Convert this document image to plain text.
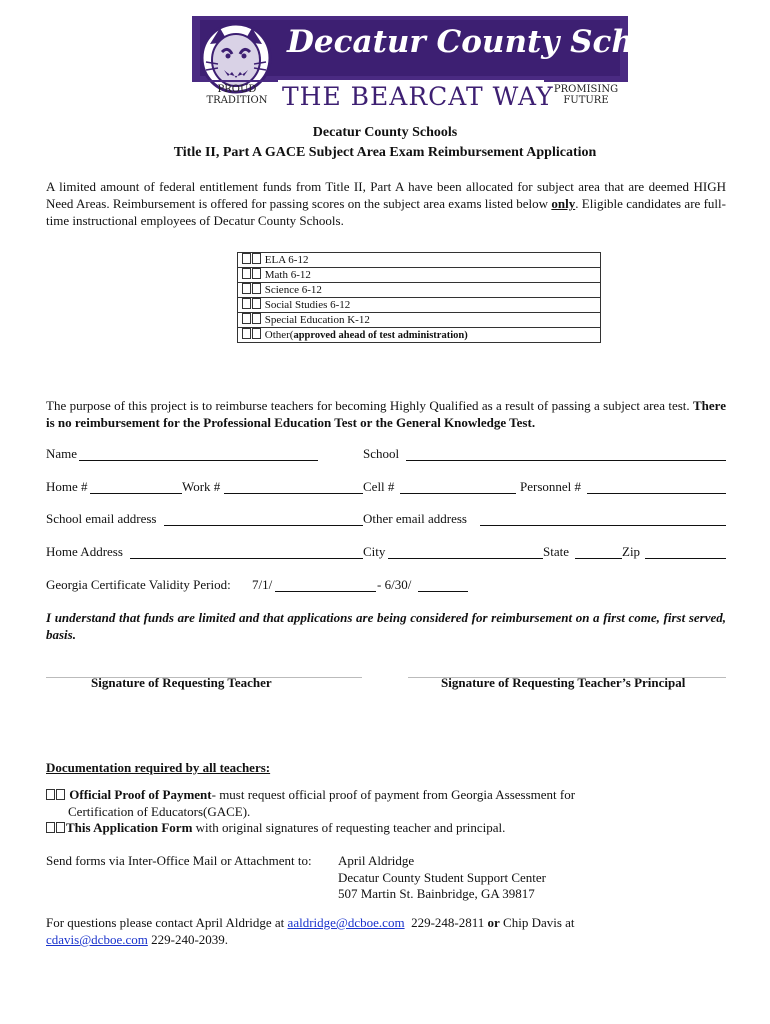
Decatur County Schools
PROUD TRADITION THE BEARCAT WAY PROMISING FUTURE
Decatur County Schools
Title II, Part A GACE Subject Area Exam Reimbursement Application
A limited amount of federal entitlement funds from Title II, Part A have been allocated for subject area that are deemed HIGH Need Areas. Reimbursement is offered for passing scores on the subject area exams listed below only. Eligible candidates are full-time instructional employees of Decatur County Schools.
ELA 6-12
Math 6-12
Science 6-12
Social Studies 6-12
Special Education K-12
Other(approved ahead of test administration)
The purpose of this project is to reimburse teachers for becoming Highly Qualified as a result of passing a subject area test. There is no reimbursement for the Professional Education Test or the General Knowledge Test.
Name	School
Home #	Work #	Cell #	Personnel #
School email address	Other email address
Home Address	City	State	Zip
Georgia Certificate Validity Period: 7/1/	- 6/30/
I understand that funds are limited and that applications are being considered for reimbursement on a first come, first served, basis.
Signature of Requesting Teacher	Signature of Requesting Teacher’s Principal
Documentation required by all teachers:
Official Proof of Payment- must request official proof of payment from Georgia Assessment for
Certification of Educators(GACE).
This Application Form with original signatures of requesting teacher and principal.
Send forms via Inter-Office Mail or Attachment to: April Aldridge
Decatur County Student Support Center
507 Martin St. Bainbridge, GA 39817
For questions please contact April Aldridge at aaldridge@dcboe.com 229-248-2811 or Chip Davis at
cdavis@dcboe.com 229-240-2039.
